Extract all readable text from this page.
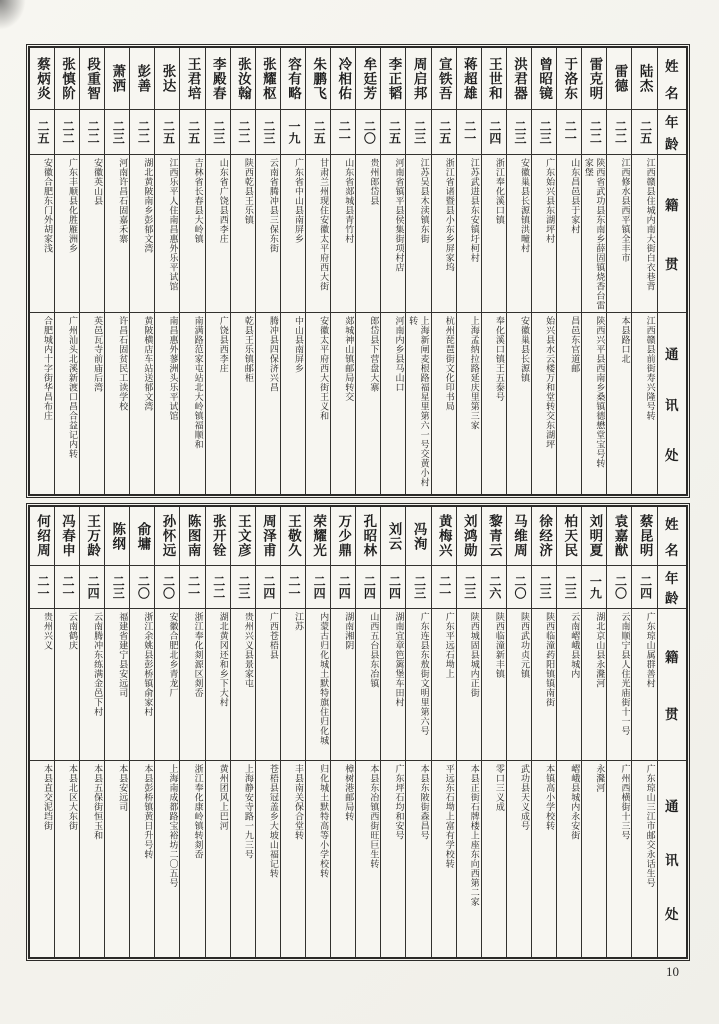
姓
名
年
龄
籍
贯
通
讯
处
陆杰
二五
江西赣县住城内南大街白衣巷背
江西赣县前街寿兴隆号转
雷德
二二
江西修水县西平镇全丰市
本县路口北
雷克明
二二
陕西省武功县东南乡薛固镇烧香台雷家堡
陕西兴平县西南乡桑镇德懋堂宝号转
于洛东
二一
山东昌邑县于家村
昌邑东官道邮
曾昭镜
二三
广东始兴县东湖坪村
始兴县水云楼万和堂转交东湖坪
洪君器
二三
安徽巢县长源镇洪疃村
安徽巢县长源镇
王世和
二四
浙江奉化溪口镇
奉化溪口镇王五泰号
蒋超雄
二一
江苏武进县东安镇圩柯村
上海孟纳拉路延庆里第三家
宣铁吾
二五
浙江省诸暨县小东乡屏家坞
杭州琵琶街文化印书局
周启邦
二三
江苏吴县木渎镇东街
上海新闸麦根路福星里第六一号交黄小村转
李正韬
二五
河南省镇平县侯集街项村店
河南内乡县马山口
牟廷芳
二〇
贵州郎岱县
郎岱县下营盘大寨
冷相佑
二一
山东省郯城县青竹村
郯城神山镇邮局转交
朱鹏飞
二五
甘肃兰州现住安徽太平府西大街
安徽太平府西大街王义和
容有略
一九
广东省中山县南屏乡
中山县南屏乡
张耀枢
二三
云南省腾冲县三保东街
腾冲县四保济兴昌
张汝翰
二二
陕西乾县王乐镇
乾县王乐镇邮柜
李殿春
二三
山东省广饶县西李庄
广饶县西李庄
王君培
二五
吉林省长春县大岭镇
南满路范家屯站北大岭镇福顺和
张达
二五
江西乐平人住南昌惠外乐平试馆
南昌惠外蓼洲头乐平试馆
彭善
二二
湖北黄陂南乡彭郁文湾
黄陂横店车站送郁文湾
萧洒
二三
河南许昌石固嘉禾寨
许昌石固贫民工读学校
段重智
二二
安徽英山县
英邑瓦寺前庙后湾
张慎阶
二二
广东丰顺县化胜雁洲乡
广州汕头北溪新渡口昌合益记内转
蔡炳炎
二五
安徽合肥东门外胡家浅
合肥城内十字街华昌布庄
姓
名
年
龄
籍
贯
通
讯
处
蔡昆明
二四
广东琼山属群善村
广东琼山三江市邮交永话生号
袁嘉猷
二〇
云南顺宁县人住光庙街十一号
广州西横街十三号
刘明夏
一九
湖北京山县永漋河
永漋河
柏天民
二三
云南嶍峨县城内
嶍峨县城内永安街
徐经济
二三
陕西临潼药阳镇镇南街
本镇高小学校转
马维周
二〇
陕西武功贞元镇
武功县天义成号
黎青云
二六
陕西临潼新丰镇
零口三义成
刘鸿勋
二三
陕西城固县城内正街
本县正街石牌楼上座东向西第二家
黄梅兴
二一
广东平远石坳上
平远东石坳上富有学校转
冯洵
二三
广东连县东敖街文明里第六号
本县东陂街森昌号
刘云
二四
湖南宜章笆篱堡车田村
广东坪石均和安号
孔昭林
二四
山西五台县东冶镇
本县东冶镇西街旺巨生转
万少鼎
二四
湖南湘阴
樟树港邮局转
荣耀光
二四
内蒙古归化城土默特旗住归化城
归化城土默特高等小学校转
王敬久
二一
江苏
丰县南关保合堂转
周泽甫
二四
广西苍梧县
苍梧县冠盖乡大坡山福记转
王文彦
二三
贵州兴义县景家屯
上海静安寺路一九三号
张开铨
二二
湖北黄冈还和乡下大村
黄州团风上巴河
陈图南
二一
浙江奉化剡源区剡岙
浙江奉化康岭镇转剡岙
孙怀远
二〇
安徽合肥北乡青龙厂
上海南成都路宝裕坊二〇五号
俞墉
二〇
浙江余姚县彭桥镇俞家村
本县彭桥镇黄日升号转
陈纲
二三
福建省建宁县安远司
本县安远司
王万龄
二四
云南腾冲东练满金邑下村
本县五保街恒玉和
冯春申
二一
云南鹤庆
本县北区大东街
何绍周
二一
贵州兴义
本县直交泥垱街
10
